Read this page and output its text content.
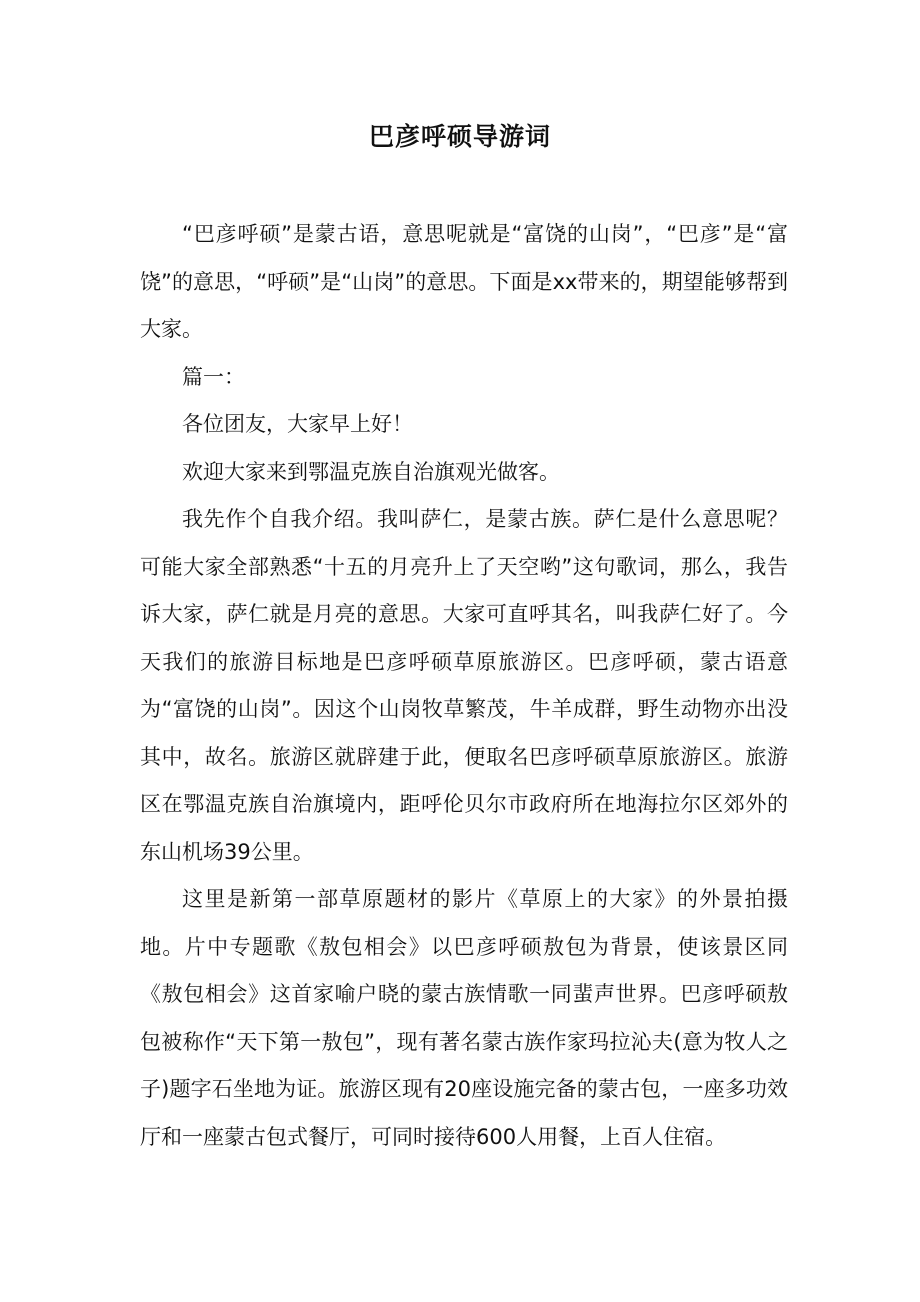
巴彦呼硕导游词

“巴彦呼硕”是蒙古语，意思呢就是“富饶的山岗”，“巴彦”是“富饶”的意思，“呼硕”是“山岗”的意思。下面是xx带来的，期望能够帮到大家。

篇一：

各位团友，大家早上好！

欢迎大家来到鄂温克族自治旗观光做客。

我先作个自我介绍。我叫萨仁，是蒙古族。萨仁是什么意思呢？可能大家全部熟悉“十五的月亮升上了天空哟”这句歌词，那么，我告诉大家，萨仁就是月亮的意思。大家可直呼其名，叫我萨仁好了。今天我们的旅游目标地是巴彦呼硕草原旅游区。巴彦呼硕，蒙古语意为“富饶的山岗”。因这个山岗牧草繁茂，牛羊成群，野生动物亦出没其中，故名。旅游区就辟建于此，便取名巴彦呼硕草原旅游区。旅游区在鄂温克族自治旗境内，距呼伦贝尔市政府所在地海拉尔区郊外的东山机场39公里。

这里是新第一部草原题材的影片《草原上的大家》的外景拍摄地。片中专题歌《敖包相会》以巴彦呼硕敖包为背景，使该景区同《敖包相会》这首家喻户晓的蒙古族情歌一同蜚声世界。巴彦呼硕敖包被称作“天下第一敖包”，现有著名蒙古族作家玛拉沁夫(意为牧人之子)题字石坐地为证。旅游区现有20座设施完备的蒙古包，一座多功效厅和一座蒙古包式餐厅，可同时接待600人用餐，上百人住宿。
